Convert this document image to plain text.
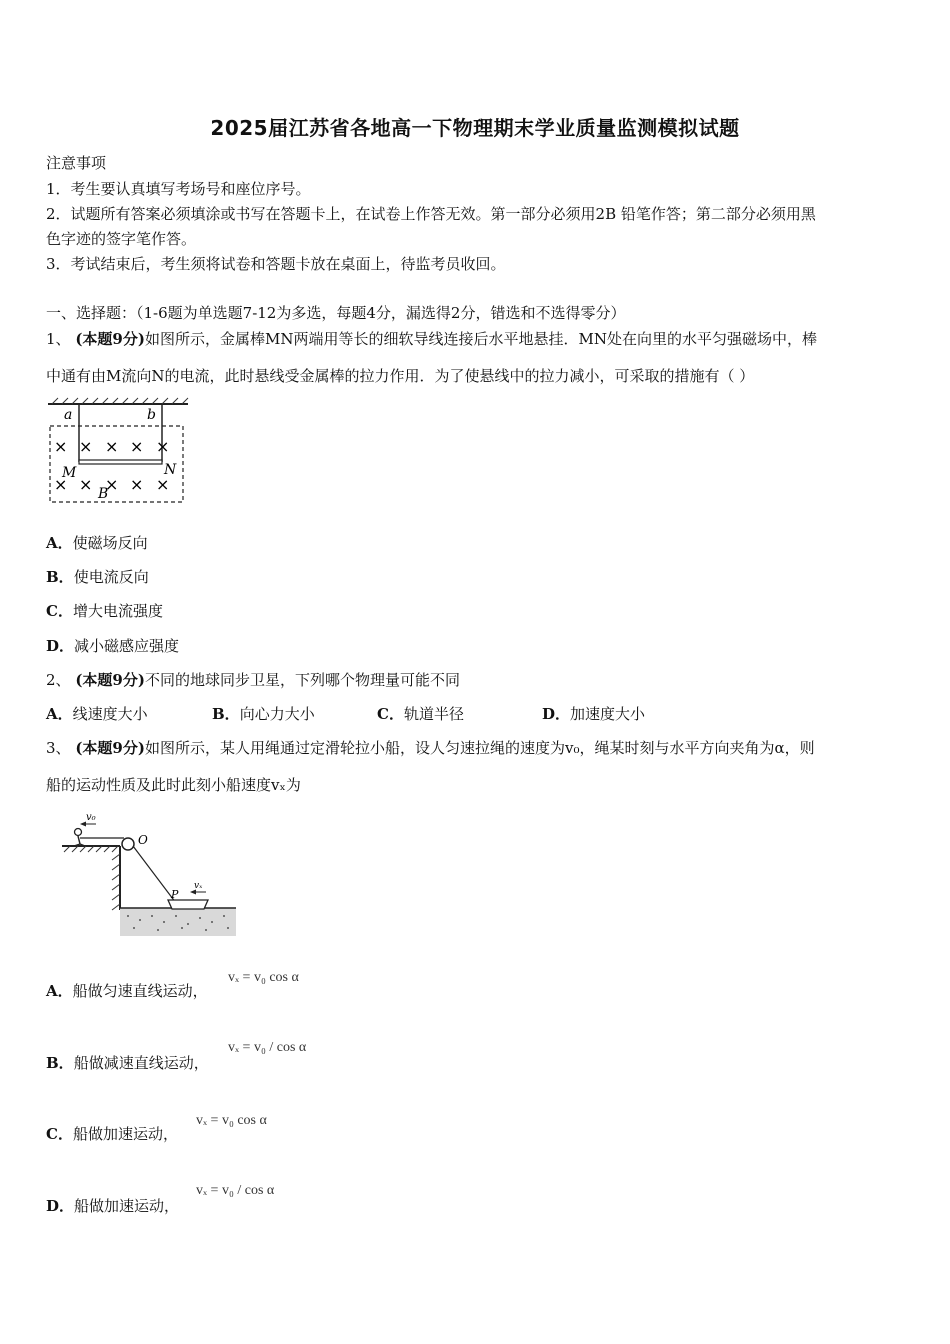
2025届江苏省各地高一下物理期末学业质量监测模拟试题
注意事项
1．考生要认真填写考场号和座位序号。
2．试题所有答案必须填涂或书写在答题卡上，在试卷上作答无效。第一部分必须用2B 铅笔作答；第二部分必须用黑
色字迹的签字笔作答。
3．考试结束后，考生须将试卷和答题卡放在桌面上，待监考员收回。
一、选择题：（1-6题为单选题7-12为多选，每题4分，漏选得2分，错选和不选得零分）
1、 (本题9分)如图所示，金属棒MN两端用等长的细软导线连接后水平地悬挂．MN处在向里的水平匀强磁场中，棒
中通有由M流向N的电流，此时悬线受金属棒的拉力作用．为了使悬线中的拉力减小，可采取的措施有（ ）
a	b
M	N
B
× × × × ×
× × × × ×
A．使磁场反向
B．使电流反向
C．增大电流强度
D．减小磁感应强度
2、 (本题9分)不同的地球同步卫星，下列哪个物理量可能不同
A．线速度大小	B．向心力大小	C．轨道半径	D．加速度大小
3、 (本题9分)如图所示，某人用绳通过定滑轮拉小船，设人匀速拉绳的速度为v₀，绳某时刻与水平方向夹角为α，则
船的运动性质及此时此刻小船速度vₓ为
v₀
O
P
vₓ
A．船做匀速直线运动，
vₓ = v₀ cos α
B．船做减速直线运动，
vₓ = v₀ / cos α
C．船做加速运动，
vₓ = v₀ cos α
D．船做加速运动，
vₓ = v₀ / cos α
